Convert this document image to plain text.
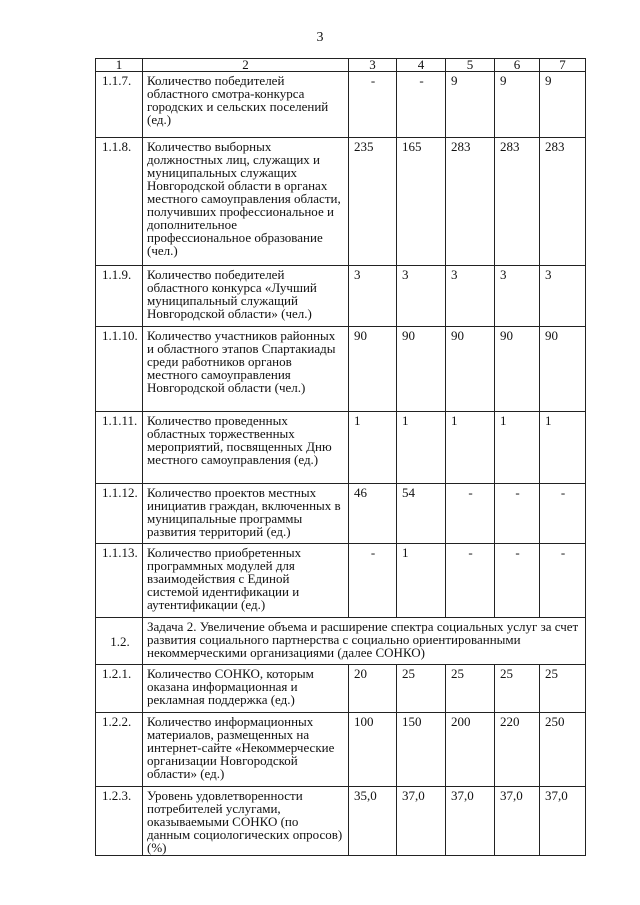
3
1	2	3	4	5	6	7
1.1.7.	Количество победителей областного смотра-конкурса городских и сельских поселений (ед.)	-	-	9	9	9
1.1.8.	Количество выборных должностных лиц, служащих и муниципальных служащих Новгородской области в органах местного самоуправления области, получивших профессиональное и дополнительное профессиональное образование (чел.)	235	165	283	283	283
1.1.9.	Количество победителей областного конкурса «Лучший муниципальный служащий Новгородской области» (чел.)	3	3	3	3	3
1.1.10.	Количество участников районных и областного этапов Спартакиады среди работников органов местного самоуправления Новгородской области (чел.)	90	90	90	90	90
1.1.11.	Количество проведенных областных торжественных мероприятий, посвященных Дню местного самоуправления (ед.)	1	1	1	1	1
1.1.12.	Количество проектов местных инициатив граждан, включенных в муниципальные программы развития территорий (ед.)	46	54	-	-	-
1.1.13.	Количество приобретенных программных модулей для взаимодействия с Единой системой идентификации и аутентификации (ед.)	-	1	-	-	-
1.2.	Задача 2. Увеличение объема и расширение спектра социальных услуг за счет развития социального партнерства с социально ориентированными некоммерческими организациями (далее СОНКО)					
1.2.1.	Количество СОНКО, которым оказана информационная и рекламная поддержка (ед.)	20	25	25	25	25
1.2.2.	Количество информационных материалов, размещенных на интернет-сайте «Некоммерческие организации Новгородской области» (ед.)	100	150	200	220	250
1.2.3.	Уровень удовлетворенности потребителей услугами, оказываемыми СОНКО (по данным социологических опросов) (%)	35,0	37,0	37,0	37,0	37,0
